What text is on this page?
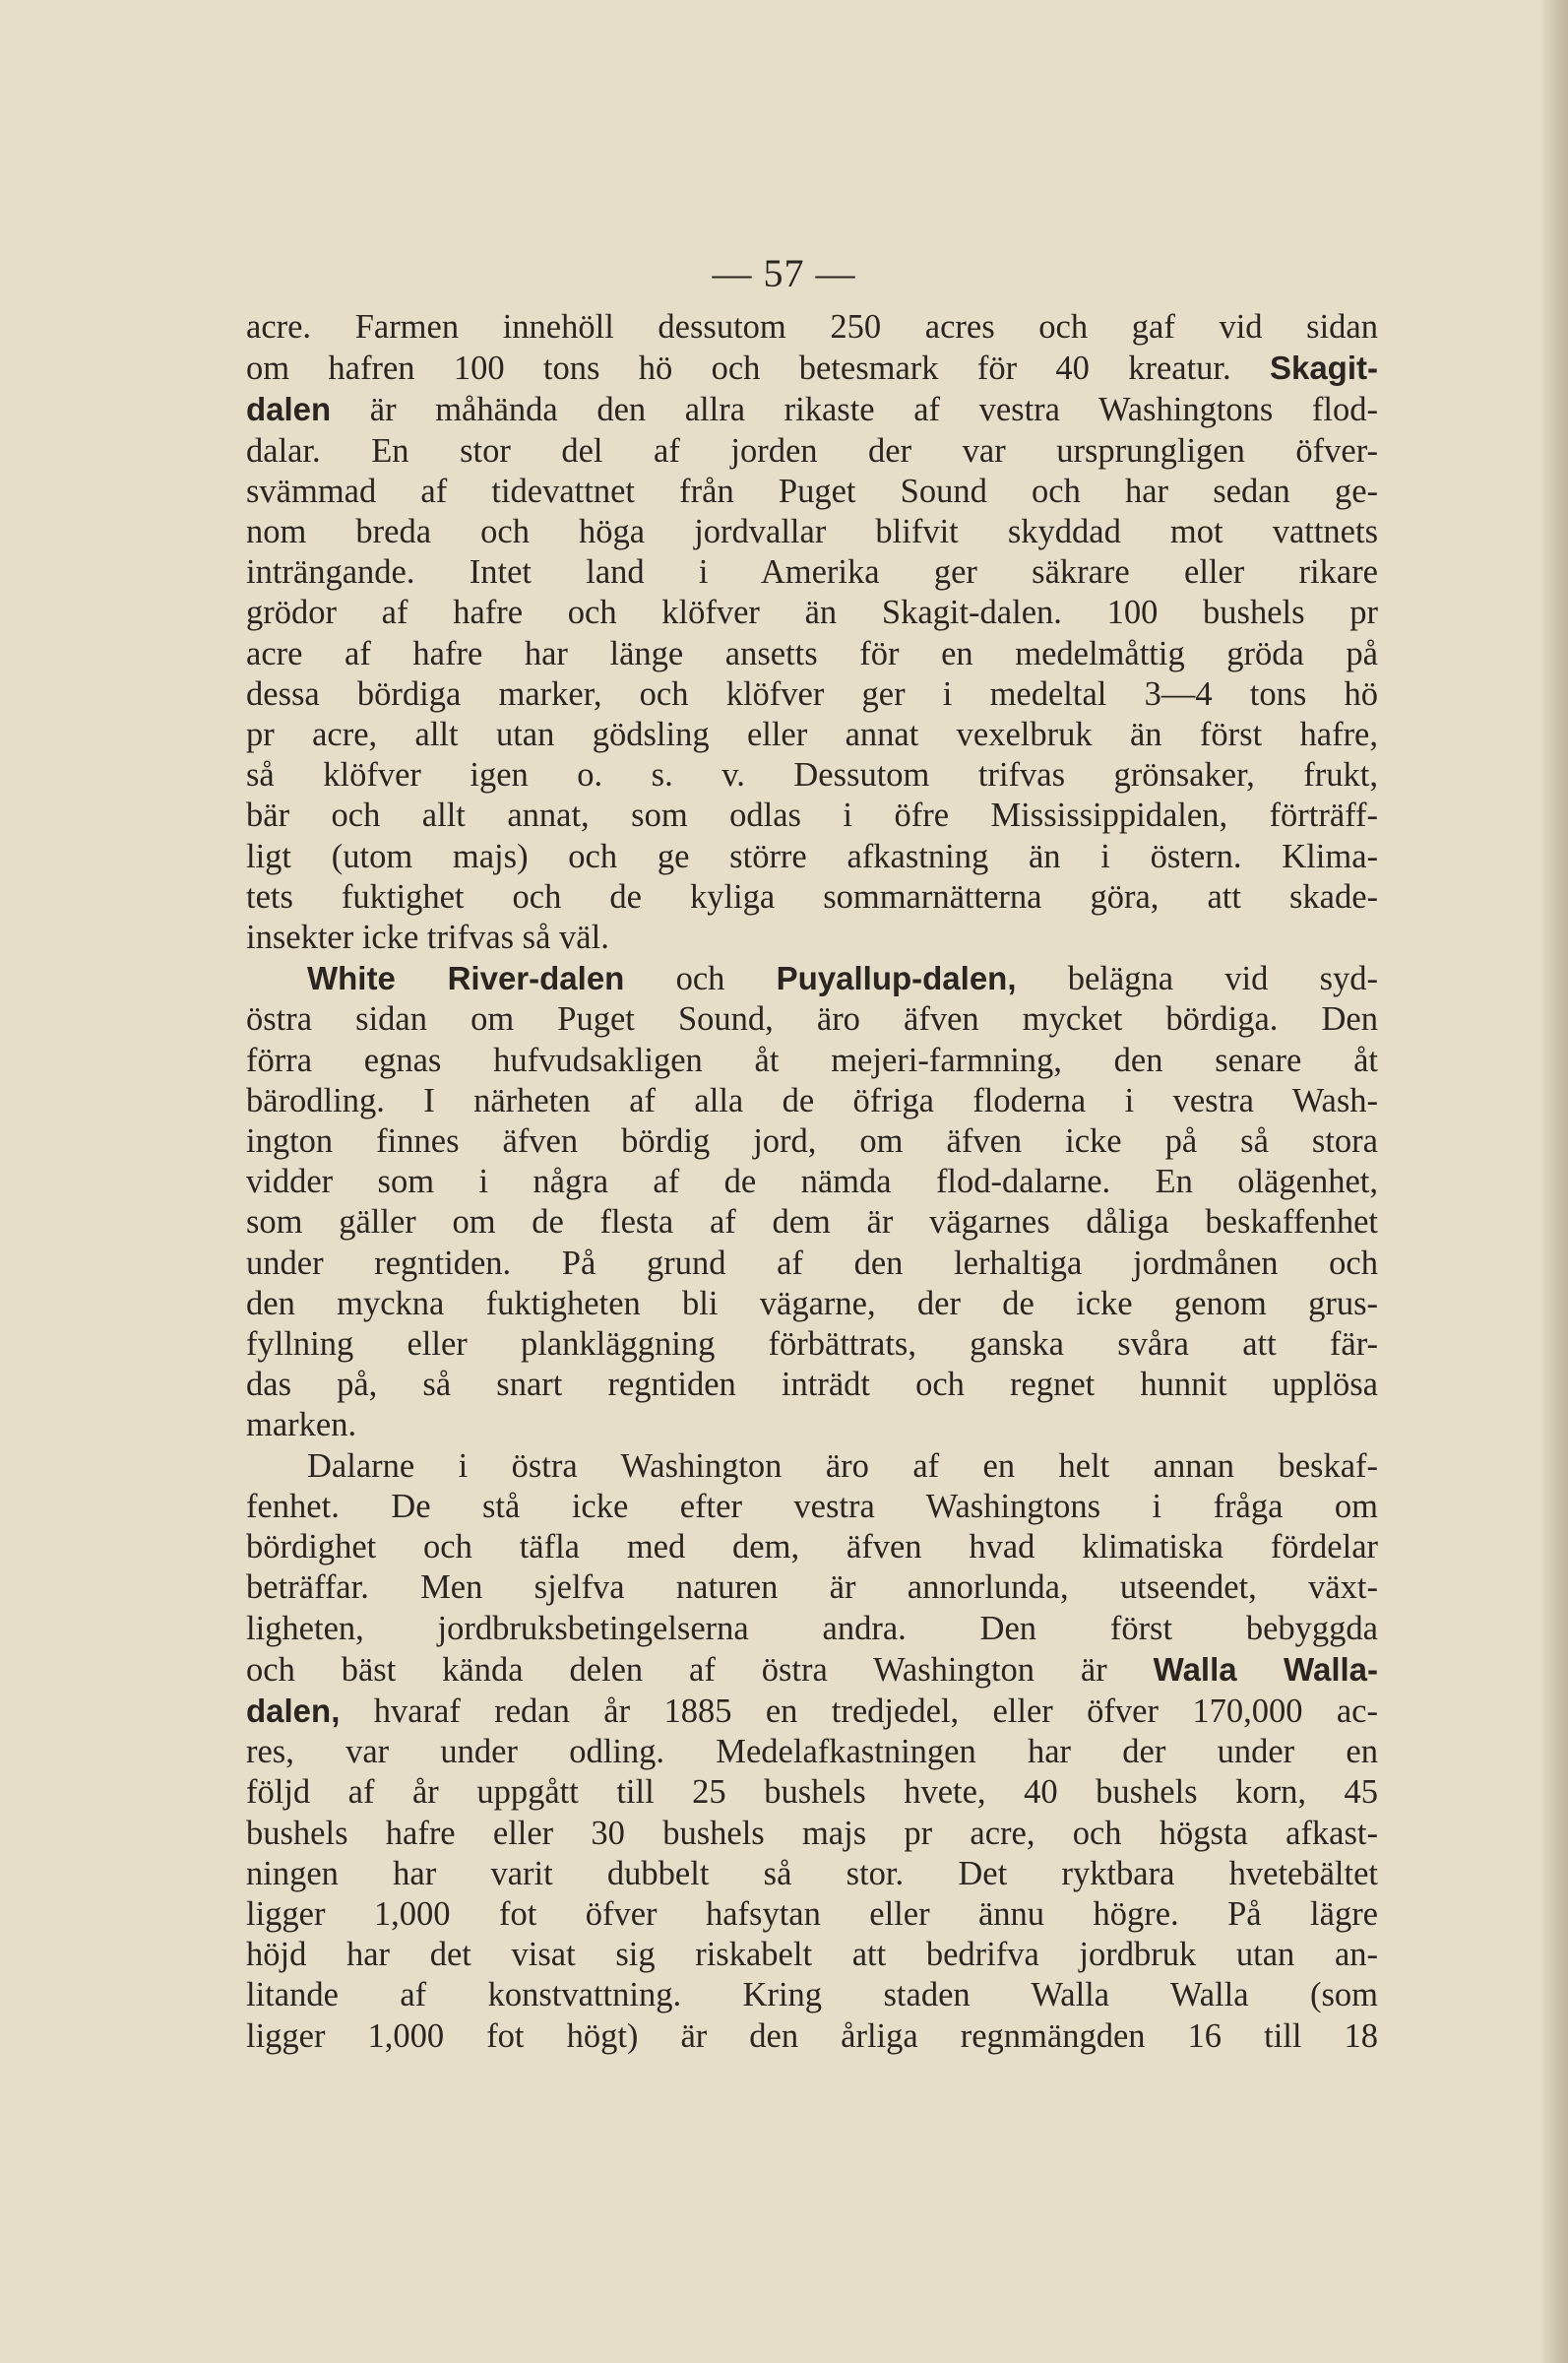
— 57 —
acre. Farmen innehöll dessutom 250 acres och gaf vid sidan
om hafren 100 tons hö och betesmark för 40 kreatur. Skagit-
dalen är måhända den allra rikaste af vestra Washingtons flod-
dalar. En stor del af jorden der var ursprungligen öfver-
svämmad af tidevattnet från Puget Sound och har sedan ge-
nom breda och höga jordvallar blifvit skyddad mot vattnets
inträngande. Intet land i Amerika ger säkrare eller rikare
grödor af hafre och klöfver än Skagit-dalen. 100 bushels pr
acre af hafre har länge ansetts för en medelmåttig gröda på
dessa bördiga marker, och klöfver ger i medeltal 3—4 tons hö
pr acre, allt utan gödsling eller annat vexelbruk än först hafre,
så klöfver igen o. s. v. Dessutom trifvas grönsaker, frukt,
bär och allt annat, som odlas i öfre Mississippidalen, förträff-
ligt (utom majs) och ge större afkastning än i östern. Klima-
tets fuktighet och de kyliga sommarnätterna göra, att skade-
insekter icke trifvas så väl.
White River-dalen och Puyallup-dalen, belägna vid syd-
östra sidan om Puget Sound, äro äfven mycket bördiga. Den
förra egnas hufvudsakligen åt mejeri-farmning, den senare åt
bärodling. I närheten af alla de öfriga floderna i vestra Wash-
ington finnes äfven bördig jord, om äfven icke på så stora
vidder som i några af de nämda flod-dalarne. En olägenhet,
som gäller om de flesta af dem är vägarnes dåliga beskaffenhet
under regntiden. På grund af den lerhaltiga jordmånen och
den myckna fuktigheten bli vägarne, der de icke genom grus-
fyllning eller plankläggning förbättrats, ganska svåra att fär-
das på, så snart regntiden inträdt och regnet hunnit upplösa
marken.
Dalarne i östra Washington äro af en helt annan beskaf-
fenhet. De stå icke efter vestra Washingtons i fråga om
bördighet och täfla med dem, äfven hvad klimatiska fördelar
beträffar. Men sjelfva naturen är annorlunda, utseendet, växt-
ligheten, jordbruksbetingelserna andra. Den först bebyggda
och bäst kända delen af östra Washington är Walla Walla-
dalen, hvaraf redan år 1885 en tredjedel, eller öfver 170,000 ac-
res, var under odling. Medelafkastningen har der under en
följd af år uppgått till 25 bushels hvete, 40 bushels korn, 45
bushels hafre eller 30 bushels majs pr acre, och högsta afkast-
ningen har varit dubbelt så stor. Det ryktbara hvetebältet
ligger 1,000 fot öfver hafsytan eller ännu högre. På lägre
höjd har det visat sig riskabelt att bedrifva jordbruk utan an-
litande af konstvattning. Kring staden Walla Walla (som
ligger 1,000 fot högt) är den årliga regnmängden 16 till 18
